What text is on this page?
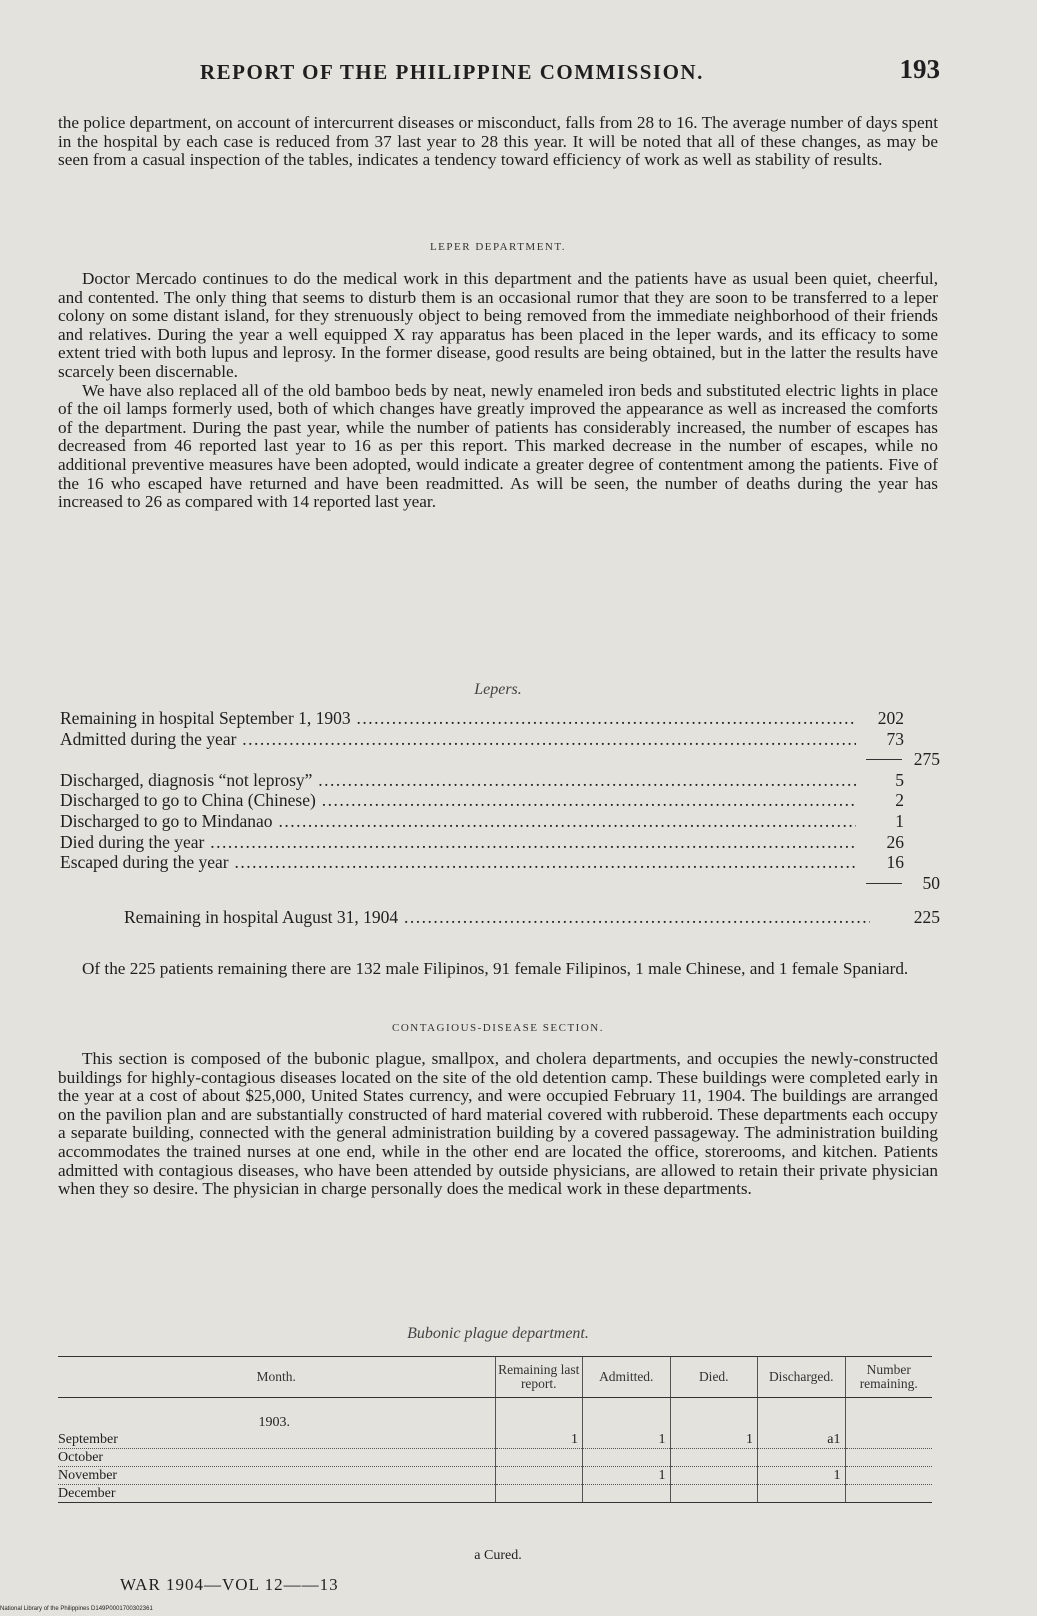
REPORT OF THE PHILIPPINE COMMISSION.	193

the police department, on account of intercurrent diseases or misconduct, falls from 28 to 16. The average number of days spent in the hospital by each case is reduced from 37 last year to 28 this year. It will be noted that all of these changes, as may be seen from a casual inspection of the tables, indicates a tendency toward efficiency of work as well as stability of results.

LEPER DEPARTMENT.

Doctor Mercado continues to do the medical work in this department and the patients have as usual been quiet, cheerful, and contented. The only thing that seems to disturb them is an occasional rumor that they are soon to be transferred to a leper colony on some distant island, for they strenuously object to being removed from the immediate neighborhood of their friends and relatives. During the year a well equipped X ray apparatus has been placed in the leper wards, and its efficacy to some extent tried with both lupus and leprosy. In the former disease, good results are being obtained, but in the latter the results have scarcely been discernable.

We have also replaced all of the old bamboo beds by neat, newly enameled iron beds and substituted electric lights in place of the oil lamps formerly used, both of which changes have greatly improved the appearance as well as increased the comforts of the department. During the past year, while the number of patients has considerably increased, the number of escapes has decreased from 46 reported last year to 16 as per this report. This marked decrease in the number of escapes, while no additional preventive measures have been adopted, would indicate a greater degree of contentment among the patients. Five of the 16 who escaped have returned and have been readmitted. As will be seen, the number of deaths during the year has increased to 26 as compared with 14 reported last year.

Lepers.
Remaining in hospital September 1, 1903 .....	202
Admitted during the year .....	73
275
Discharged, diagnosis “not leprosy” .....	5
Discharged to go to China (Chinese) .....	2
Discharged to go to Mindanao .....	1
Died during the year .....	26
Escaped during the year .....	16
50
Remaining in hospital August 31, 1904 .....	225

Of the 225 patients remaining there are 132 male Filipinos, 91 female Filipinos, 1 male Chinese, and 1 female Spaniard.

CONTAGIOUS-DISEASE SECTION.

This section is composed of the bubonic plague, smallpox, and cholera departments, and occupies the newly-constructed buildings for highly-contagious diseases located on the site of the old detention camp. These buildings were completed early in the year at a cost of about $25,000, United States currency, and were occupied February 11, 1904. The buildings are arranged on the pavilion plan and are substantially constructed of hard material covered with rubberoid. These departments each occupy a separate building, connected with the general administration building by a covered passageway. The administration building accommodates the trained nurses at one end, while in the other end are located the office, storerooms, and kitchen. Patients admitted with contagious diseases, who have been attended by outside physicians, are allowed to retain their private physician when they so desire. The physician in charge personally does the medical work in these departments.

Bubonic plague department.
Month.	Remaining last report.	Admitted.	Died.	Discharged.	Number remaining.
1903.					
September	1	1	1	a1	
October					
November		1		1	
December					
a Cured.
WAR 1904—VOL 12——13
National Library of the Philippines D149P0001700302361
